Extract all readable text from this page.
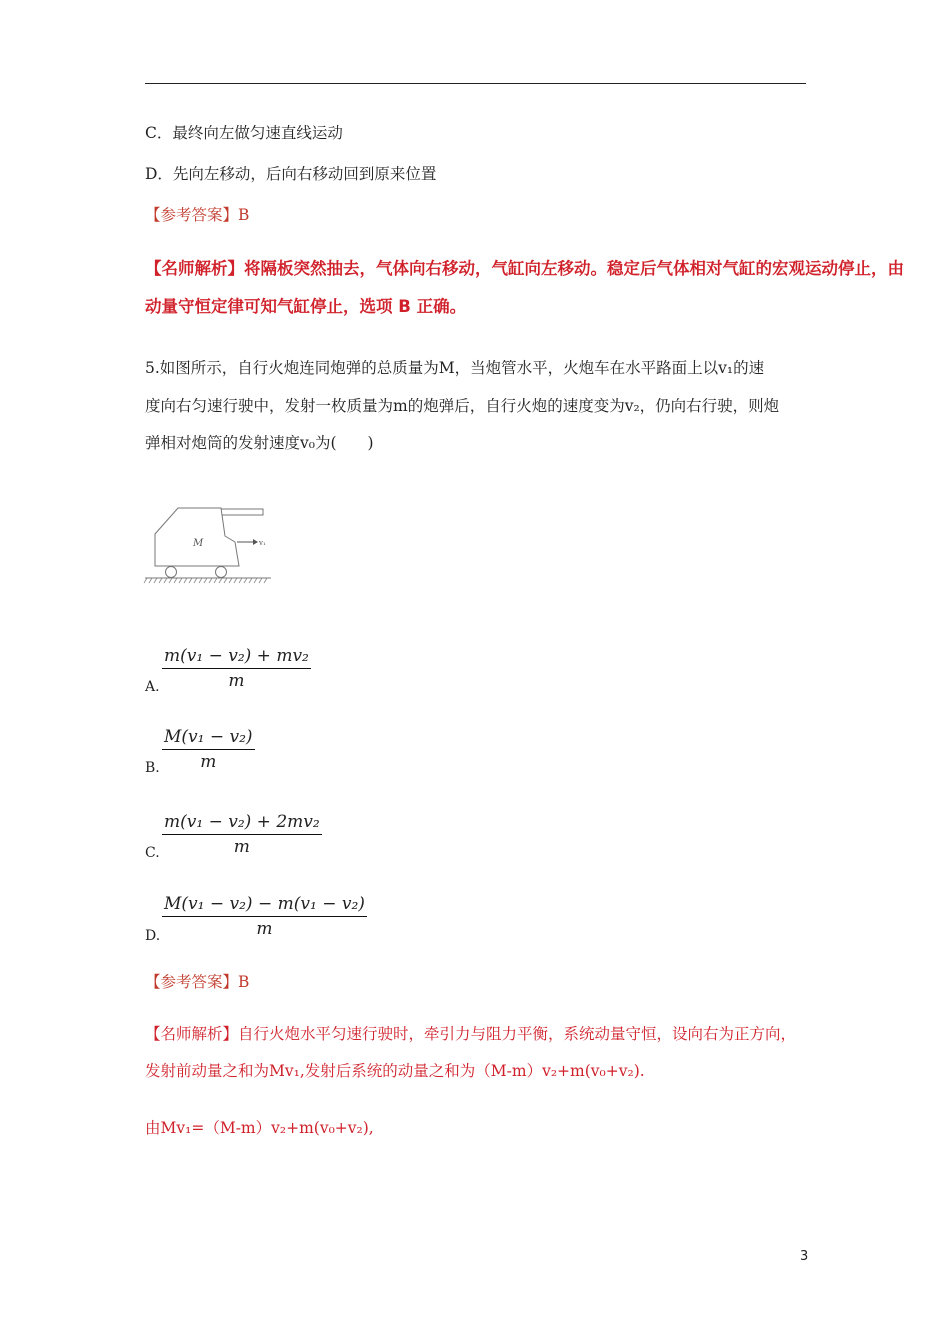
C．最终向左做匀速直线运动
D．先向左移动，后向右移动回到原来位置
【参考答案】B
【名师解析】将隔板突然抽去，气体向右移动，气缸向左移动。稳定后气体相对气缸的宏观运动停止，由
动量守恒定律可知气缸停止，选项 B 正确。
5.如图所示，自行火炮连同炮弹的总质量为M，当炮管水平，火炮车在水平路面上以v₁的速
度向右匀速行驶中，发射一枚质量为m的炮弹后，自行火炮的速度变为v₂，仍向右行驶，则炮
弹相对炮筒的发射速度v₀为(　　)
M	v₁
$\frac{\text{m(v₁ − v₂) + mv₂}}{m}$
A.
$\frac{\text{M(v₁ − v₂)}}{m}$
B.
$\frac{\text{m(v₁ − v₂) + 2mv₂}}{m}$
C.
$\frac{\text{M(v₁ − v₂) − m(v₁ − v₂)}}{m}$
D.
【参考答案】B
【名师解析】自行火炮水平匀速行驶时，牵引力与阻力平衡，系统动量守恒，设向右为正方向，
发射前动量之和为Mv₁,发射后系统的动量之和为（M-m）v₂+m(v₀+v₂).
由Mv₁=（M-m）v₂+m(v₀+v₂),
3
